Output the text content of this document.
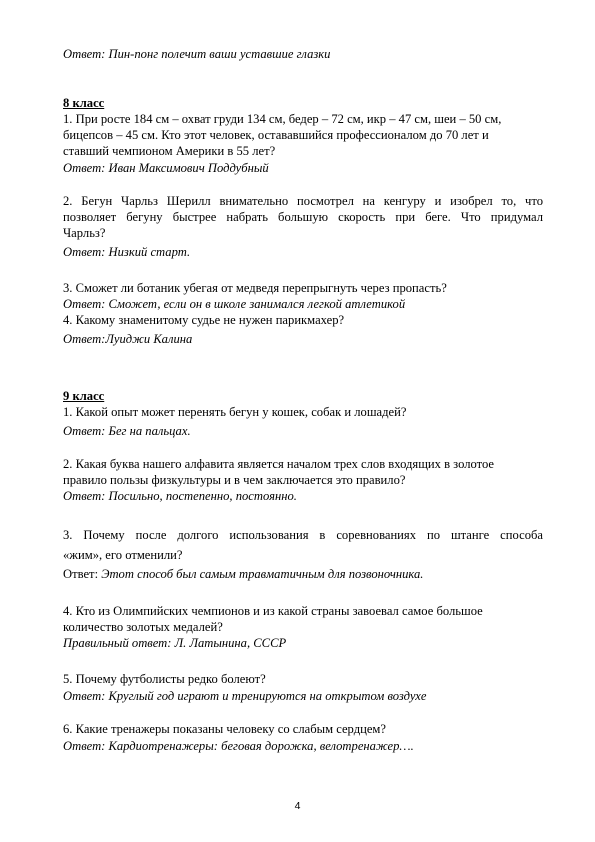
Ответ: Пин-понг полечит ваши уставшие глазки
8 класс
1. При росте 184 см – охват груди 134 см, бедер – 72 см, икр – 47 см, шеи – 50 см,
бицепсов – 45 см. Кто этот человек, остававшийся профессионалом до 70 лет и
ставший чемпионом Америки в 55 лет?
Ответ: Иван Максимович Поддубный
2. Бегун Чарльз Шерилл внимательно посмотрел на кенгуру и изобрел то, что
позволяет бегуну быстрее набрать большую скорость при беге. Что придумал
Чарльз?
Ответ: Низкий старт.
3. Сможет ли ботаник убегая от медведя перепрыгнуть через пропасть?
Ответ: Сможет, если он в школе занимался легкой атлетикой
4. Какому знаменитому судье не нужен парикмахер?
Ответ:Луиджи Калина
9 класс
1. Какой опыт может перенять бегун у кошек, собак и лошадей?
Ответ: Бег на пальцах.
2. Какая буква нашего алфавита является началом трех слов входящих в золотое
правило пользы физкультуры и в чем заключается это правило?
Ответ: Посильно, постепенно, постоянно.
3. Почему после долгого использования в соревнованиях по штанге способа
«жим», его отменили?
Ответ: Этот способ был самым травматичным для позвоночника.
4. Кто из Олимпийских чемпионов и из какой страны завоевал самое большое
количество золотых медалей?
Правильный ответ: Л. Латынина, СССР
5. Почему футболисты редко болеют?
Ответ: Круглый год играют и тренируются на открытом воздухе
6. Какие тренажеры показаны человеку со слабым сердцем?
Ответ: Кардиотренажеры: беговая дорожка, велотренажер….
4
